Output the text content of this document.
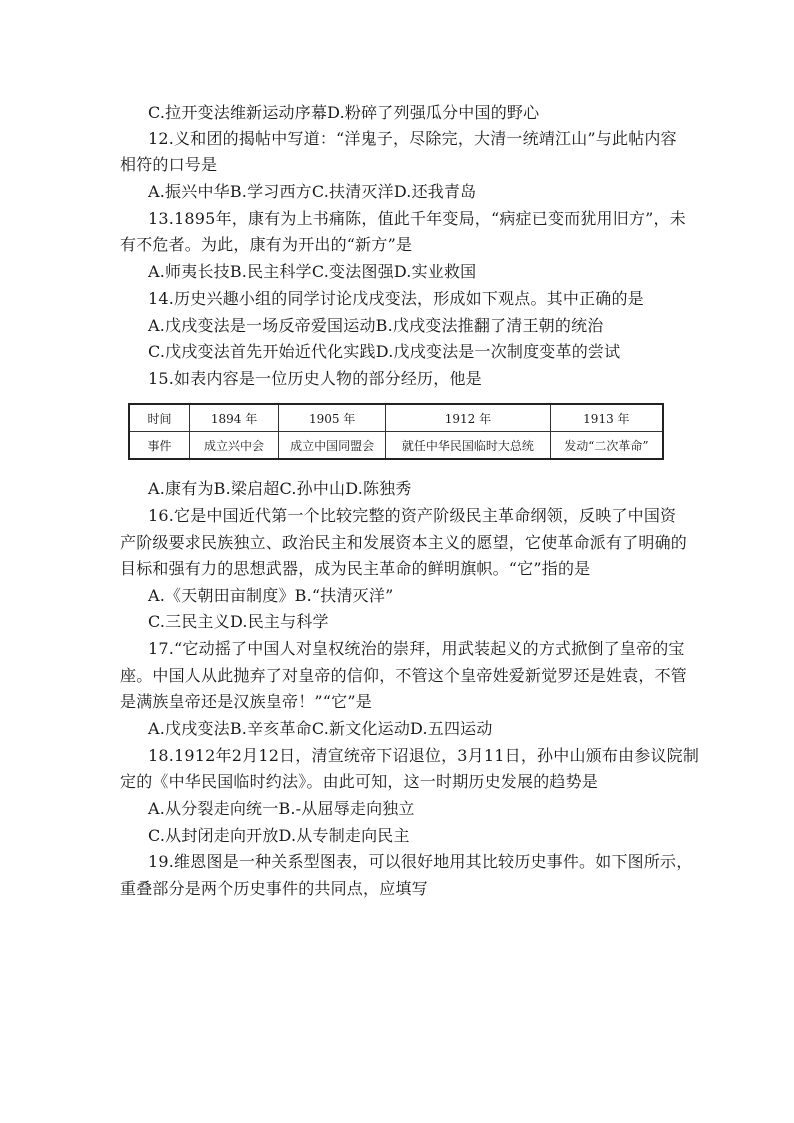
C.拉开变法维新运动序幕D.粉碎了列强瓜分中国的野心
12.义和团的揭帖中写道：“洋鬼子，尽除完，大清一统靖江山”与此帖内容
相符的口号是
A.振兴中华B.学习西方C.扶清灭洋D.还我青岛
13.1895年，康有为上书痛陈，值此千年变局，“病症已变而犹用旧方”，未
有不危者。为此，康有为开出的“新方”是
A.师夷长技B.民主科学C.变法图强D.实业救国
14.历史兴趣小组的同学讨论戊戌变法，形成如下观点。其中正确的是
A.戊戌变法是一场反帝爱国运动B.戊戌变法推翻了清王朝的统治
C.戊戌变法首先开始近代化实践D.戊戌变法是一次制度变革的尝试
15.如表内容是一位历史人物的部分经历，他是
时间	1894 年	1905 年	1912 年	1913 年
事件	成立兴中会	成立中国同盟会	就任中华民国临时大总统	发动“二次革命”
A.康有为B.梁启超C.孙中山D.陈独秀
16.它是中国近代第一个比较完整的资产阶级民主革命纲领，反映了中国资
产阶级要求民族独立、政治民主和发展资本主义的愿望，它使革命派有了明确的
目标和强有力的思想武器，成为民主革命的鲜明旗帜。“它”指的是
A.《天朝田亩制度》B.“扶清灭洋”
C.三民主义D.民主与科学
17.“它动摇了中国人对皇权统治的崇拜，用武装起义的方式掀倒了皇帝的宝
座。中国人从此抛弃了对皇帝的信仰，不管这个皇帝姓爱新觉罗还是姓袁，不管
是满族皇帝还是汉族皇帝！”“它”是
A.戊戌变法B.辛亥革命C.新文化运动D.五四运动
18.1912年2月12日，清宣统帝下诏退位，3月11日，孙中山颁布由参议院制
定的《中华民国临时约法》。由此可知，这一时期历史发展的趋势是
A.从分裂走向统一B.-从屈辱走向独立
C.从封闭走向开放D.从专制走向民主
19.维恩图是一种关系型图表，可以很好地用其比较历史事件。如下图所示，
重叠部分是两个历史事件的共同点，应填写
